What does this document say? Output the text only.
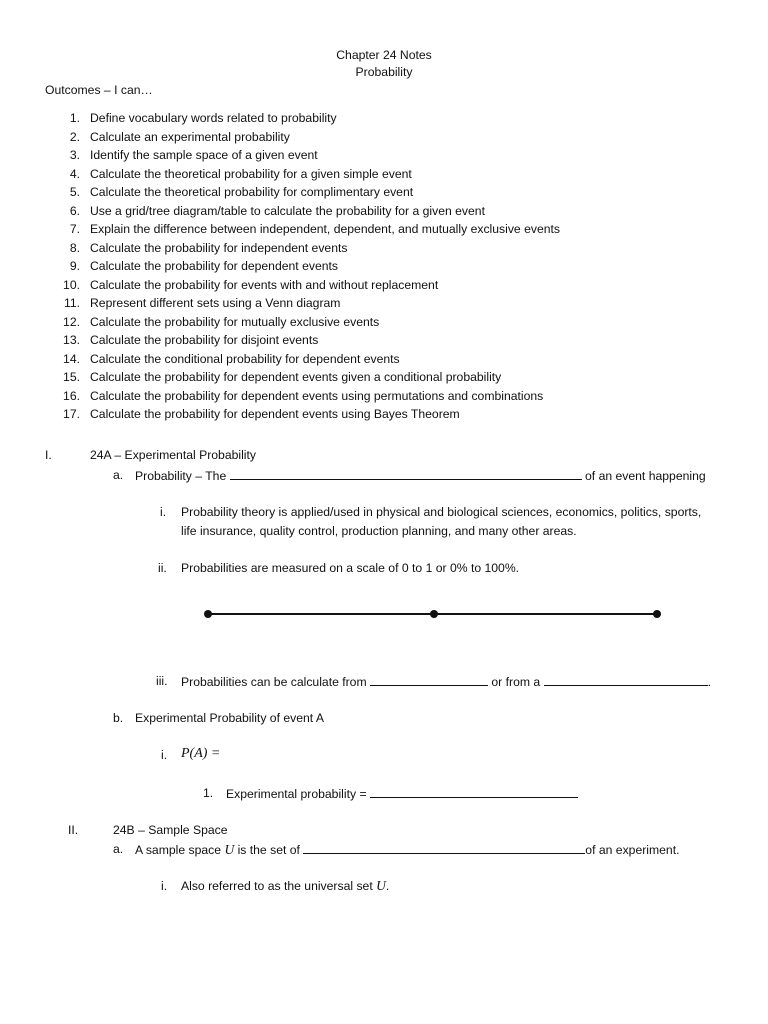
Chapter 24 Notes
Probability
Outcomes – I can…
1. Define vocabulary words related to probability
2. Calculate an experimental probability
3. Identify the sample space of a given event
4. Calculate the theoretical probability for a given simple event
5. Calculate the theoretical probability for complimentary event
6. Use a grid/tree diagram/table to calculate the probability for a given event
7. Explain the difference between independent, dependent, and mutually exclusive events
8. Calculate the probability for independent events
9. Calculate the probability for dependent events
10. Calculate the probability for events with and without replacement
11. Represent different sets using a Venn diagram
12. Calculate the probability for mutually exclusive events
13. Calculate the probability for disjoint events
14. Calculate the conditional probability for dependent events
15. Calculate the probability for dependent events given a conditional probability
16. Calculate the probability for dependent events using permutations and combinations
17. Calculate the probability for dependent events using Bayes Theorem
I.	24A – Experimental Probability
a. Probability – The	of an event happening
i. Probability theory is applied/used in physical and biological sciences, economics, politics, sports,
life insurance, quality control, production planning, and many other areas.
ii. Probabilities are measured on a scale of 0 to 1 or 0% to 100%.
iii. Probabilities can be calculate from	or from a	.
b. Experimental Probability of event A
i. P(A) =
1. Experimental probability =
II.	24B – Sample Space
a. A sample space U is the set of	of an experiment.
i. Also referred to as the universal set U.
